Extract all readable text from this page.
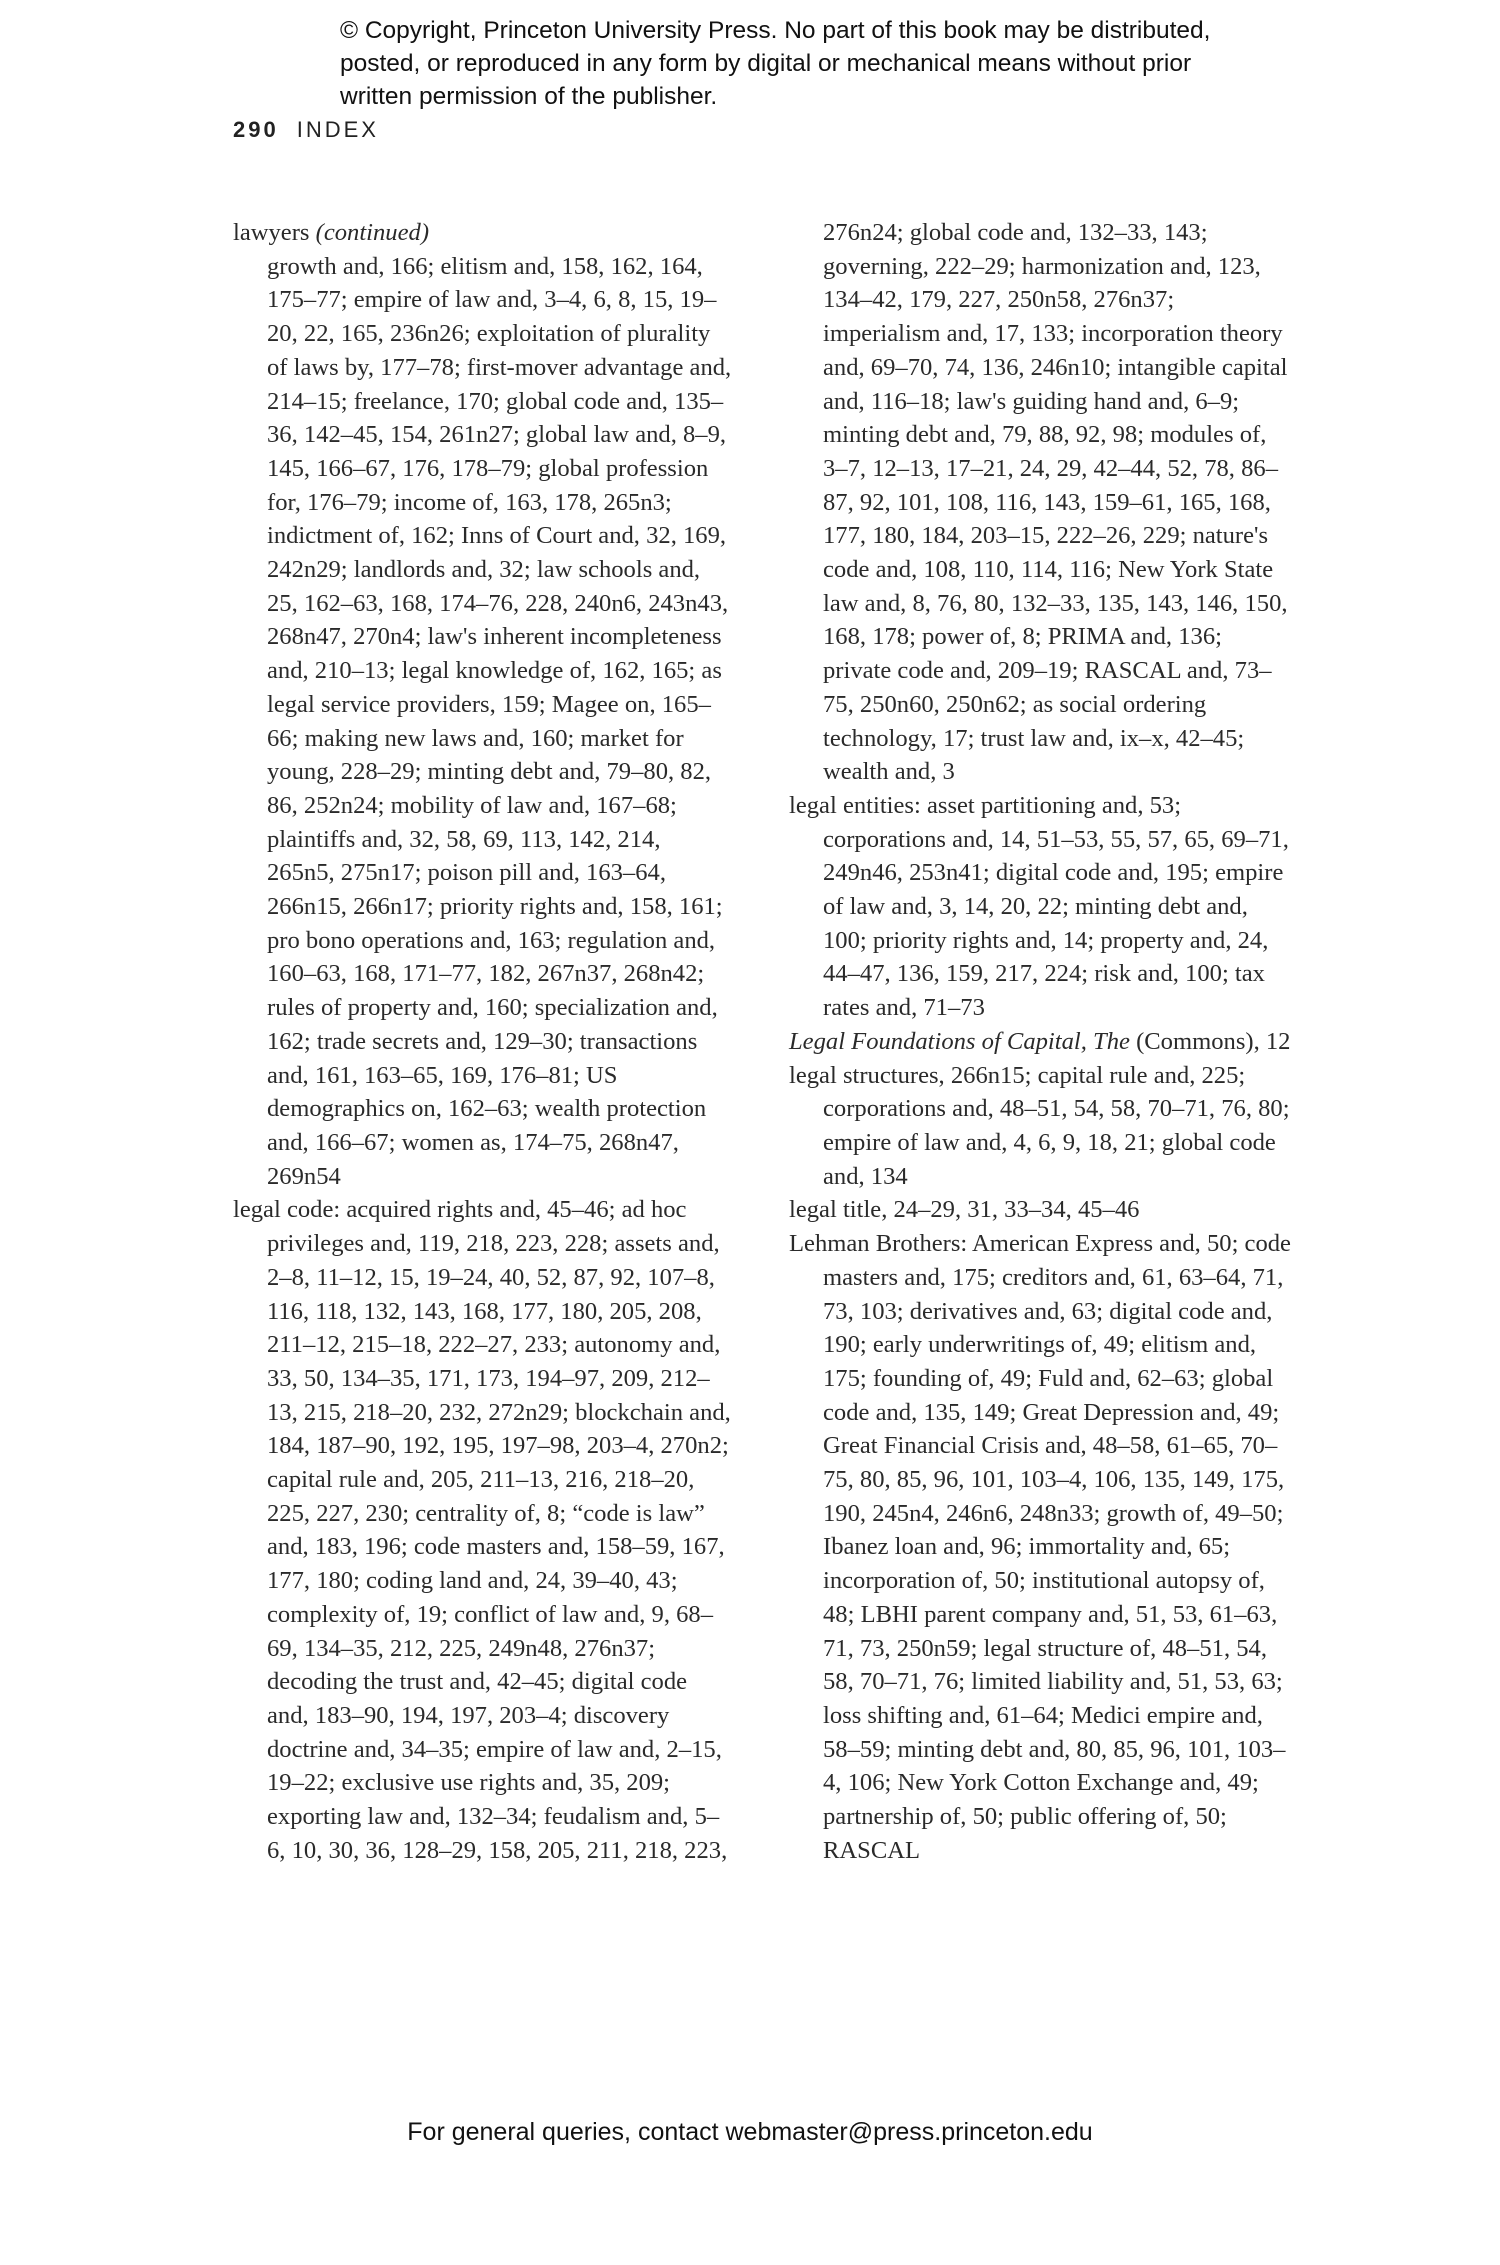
© Copyright, Princeton University Press. No part of this book may be distributed, posted, or reproduced in any form by digital or mechanical means without prior written permission of the publisher.
290 INDEX
lawyers (continued)
growth and, 166; elitism and, 158, 162, 164, 175–77; empire of law and, 3–4, 6, 8, 15, 19–20, 22, 165, 236n26; exploitation of plurality of laws by, 177–78; first-mover advantage and, 214–15; freelance, 170; global code and, 135–36, 142–45, 154, 261n27; global law and, 8–9, 145, 166–67, 176, 178–79; global profession for, 176–79; income of, 163, 178, 265n3; indictment of, 162; Inns of Court and, 32, 169, 242n29; landlords and, 32; law schools and, 25, 162–63, 168, 174–76, 228, 240n6, 243n43, 268n47, 270n4; law's inherent incompleteness and, 210–13; legal knowledge of, 162, 165; as legal service providers, 159; Magee on, 165–66; making new laws and, 160; market for young, 228–29; minting debt and, 79–80, 82, 86, 252n24; mobility of law and, 167–68; plaintiffs and, 32, 58, 69, 113, 142, 214, 265n5, 275n17; poison pill and, 163–64, 266n15, 266n17; priority rights and, 158, 161; pro bono operations and, 163; regulation and, 160–63, 168, 171–77, 182, 267n37, 268n42; rules of property and, 160; specialization and, 162; trade secrets and, 129–30; transactions and, 161, 163–65, 169, 176–81; US demographics on, 162–63; wealth protection and, 166–67; women as, 174–75, 268n47, 269n54
legal code: acquired rights and, 45–46; ad hoc privileges and, 119, 218, 223, 228; assets and, 2–8, 11–12, 15, 19–24, 40, 52, 87, 92, 107–8, 116, 118, 132, 143, 168, 177, 180, 205, 208, 211–12, 215–18, 222–27, 233; autonomy and, 33, 50, 134–35, 171, 173, 194–97, 209, 212–13, 215, 218–20, 232, 272n29; blockchain and, 184, 187–90, 192, 195, 197–98, 203–4, 270n2; capital rule and, 205, 211–13, 216, 218–20, 225, 227, 230; centrality of, 8; “code is law” and, 183, 196; code masters and, 158–59, 167, 177, 180; coding land and, 24, 39–40, 43; complexity of, 19; conflict of law and, 9, 68–69, 134–35, 212, 225, 249n48, 276n37; decoding the trust and, 42–45; digital code and, 183–90, 194, 197, 203–4; discovery doctrine and, 34–35; empire of law and, 2–15, 19–22; exclusive use rights and, 35, 209; exporting law and, 132–34; feudalism and, 5–6, 10, 30, 36, 128–29, 158, 205, 211, 218, 223,
276n24; global code and, 132–33, 143; governing, 222–29; harmonization and, 123, 134–42, 179, 227, 250n58, 276n37; imperialism and, 17, 133; incorporation theory and, 69–70, 74, 136, 246n10; intangible capital and, 116–18; law's guiding hand and, 6–9; minting debt and, 79, 88, 92, 98; modules of, 3–7, 12–13, 17–21, 24, 29, 42–44, 52, 78, 86–87, 92, 101, 108, 116, 143, 159–61, 165, 168, 177, 180, 184, 203–15, 222–26, 229; nature's code and, 108, 110, 114, 116; New York State law and, 8, 76, 80, 132–33, 135, 143, 146, 150, 168, 178; power of, 8; PRIMA and, 136; private code and, 209–19; RASCAL and, 73–75, 250n60, 250n62; as social ordering technology, 17; trust law and, ix–x, 42–45; wealth and, 3
legal entities: asset partitioning and, 53; corporations and, 14, 51–53, 55, 57, 65, 69–71, 249n46, 253n41; digital code and, 195; empire of law and, 3, 14, 20, 22; minting debt and, 100; priority rights and, 14; property and, 24, 44–47, 136, 159, 217, 224; risk and, 100; tax rates and, 71–73
Legal Foundations of Capital, The (Commons), 12
legal structures, 266n15; capital rule and, 225; corporations and, 48–51, 54, 58, 70–71, 76, 80; empire of law and, 4, 6, 9, 18, 21; global code and, 134
legal title, 24–29, 31, 33–34, 45–46
Lehman Brothers: American Express and, 50; code masters and, 175; creditors and, 61, 63–64, 71, 73, 103; derivatives and, 63; digital code and, 190; early underwritings of, 49; elitism and, 175; founding of, 49; Fuld and, 62–63; global code and, 135, 149; Great Depression and, 49; Great Financial Crisis and, 48–58, 61–65, 70–75, 80, 85, 96, 101, 103–4, 106, 135, 149, 175, 190, 245n4, 246n6, 248n33; growth of, 49–50; Ibanez loan and, 96; immortality and, 65; incorporation of, 50; institutional autopsy of, 48; LBHI parent company and, 51, 53, 61–63, 71, 73, 250n59; legal structure of, 48–51, 54, 58, 70–71, 76; limited liability and, 51, 53, 63; loss shifting and, 61–64; Medici empire and, 58–59; minting debt and, 80, 85, 96, 101, 103–4, 106; New York Cotton Exchange and, 49; partnership of, 50; public offering of, 50; RASCAL
For general queries, contact webmaster@press.princeton.edu
